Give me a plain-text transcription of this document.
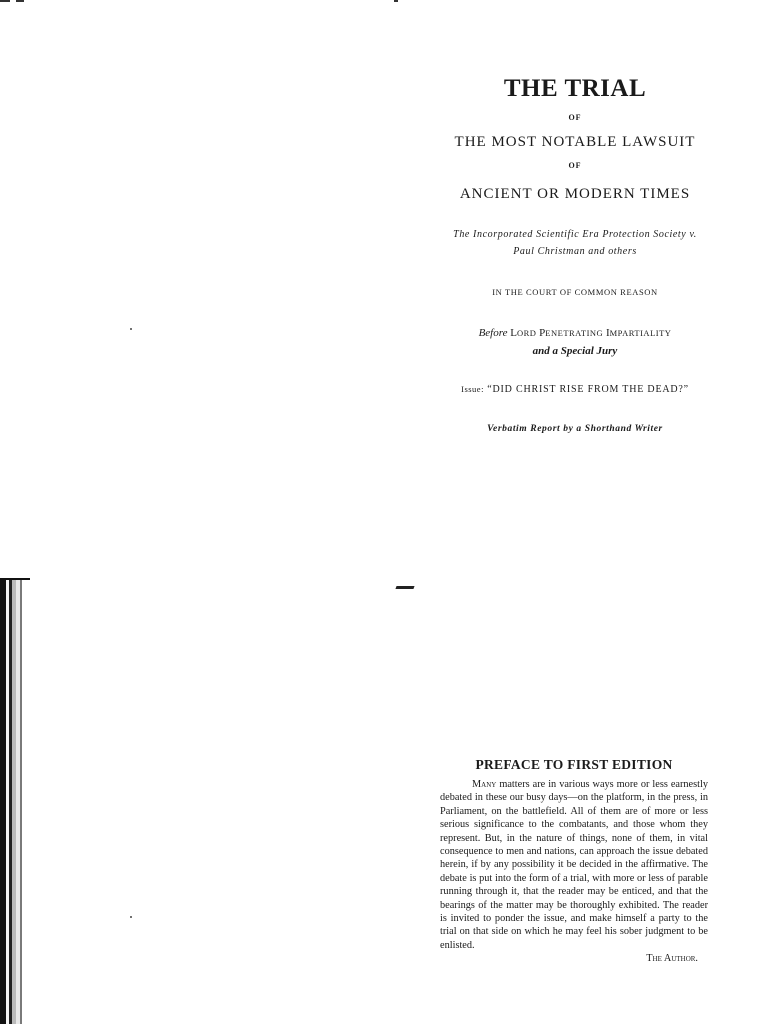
THE TRIAL

OF

THE MOST NOTABLE LAWSUIT

OF

ANCIENT OR MODERN TIMES

The Incorporated Scientific Era Protection Society v.

Paul Christman and others

IN THE COURT OF COMMON REASON

Before LORD PENETRATING IMPARTIALITY

and a Special Jury

Issue: “DID CHRIST RISE FROM THE DEAD?”

Verbatim Report by a Shorthand Writer

PREFACE TO FIRST EDITION

Many matters are in various ways more or less earnestly debated in these our busy days—on the platform, in the press, in Parliament, on the battlefield. All of them are of more or less serious significance to the combatants, and those whom they represent. But, in the nature of things, none of them, in vital consequence to men and nations, can approach the issue debated herein, if by any possibility it be decided in the affirmative. The debate is put into the form of a trial, with more or less of parable running through it, that the reader may be enticed, and that the bearings of the matter may be thoroughly exhibited. The reader is invited to ponder the issue, and make himself a party to the trial on that side on which he may feel his sober judgment to be enlisted.

The Author.
